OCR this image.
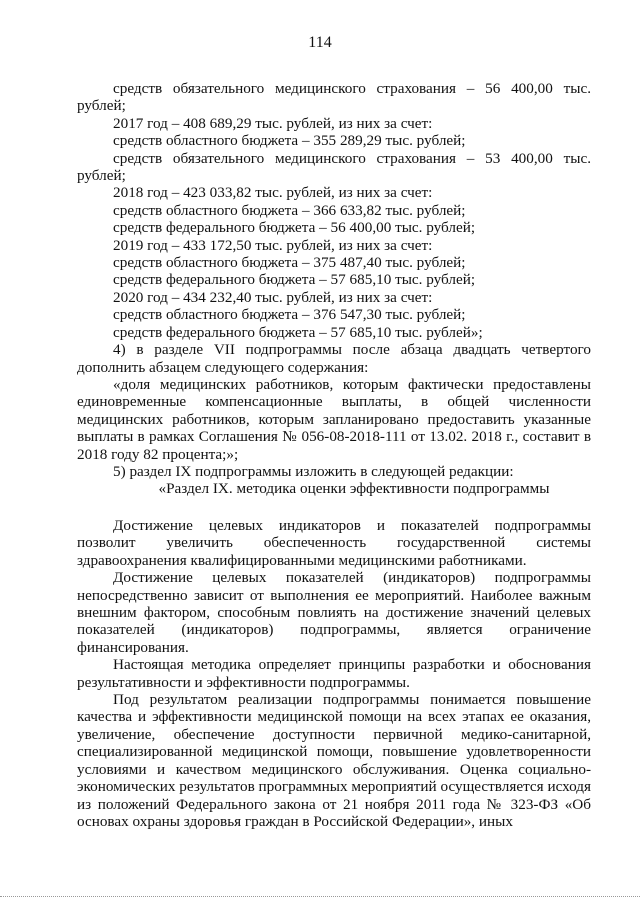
114

средств обязательного медицинского страхования – 56 400,00 тыс. рублей;

2017 год – 408 689,29 тыс. рублей, из них за счет:

средств областного бюджета – 355 289,29 тыс. рублей;

средств обязательного медицинского страхования – 53 400,00 тыс. рублей;

2018 год – 423 033,82 тыс. рублей, из них за счет:

средств областного бюджета – 366 633,82 тыс. рублей;

средств федерального бюджета – 56 400,00 тыс. рублей;

2019 год – 433 172,50 тыс. рублей, из них за счет:

средств областного бюджета – 375 487,40 тыс. рублей;

средств федерального бюджета – 57 685,10 тыс. рублей;

2020 год – 434 232,40 тыс. рублей, из них за счет:

средств областного бюджета – 376 547,30 тыс. рублей;

средств федерального бюджета – 57 685,10 тыс. рублей»;

4) в разделе VII подпрограммы после абзаца двадцать четвертого дополнить абзацем следующего содержания:

«доля медицинских работников, которым фактически предоставлены единовременные компенсационные выплаты, в общей численности медицинских работников, которым запланировано предоставить указанные выплаты в рамках Соглашения № 056-08-2018-111 от 13.02. 2018 г., составит в 2018 году 82 процента;»;

5) раздел IX подпрограммы изложить в следующей редакции:

«Раздел IX. методика оценки эффективности подпрограммы

Достижение целевых индикаторов и показателей подпрограммы позволит увеличить обеспеченность государственной системы здравоохранения квалифицированными медицинскими работниками.

Достижение целевых показателей (индикаторов) подпрограммы непосредственно зависит от выполнения ее мероприятий. Наиболее важным внешним фактором, способным повлиять на достижение значений целевых показателей (индикаторов) подпрограммы, является ограничение финансирования.

Настоящая методика определяет принципы разработки и обоснования результативности и эффективности подпрограммы.

Под результатом реализации подпрограммы понимается повышение качества и эффективности медицинской помощи на всех этапах ее оказания, увеличение, обеспечение доступности первичной медико-санитарной, специализированной медицинской помощи, повышение удовлетворенности условиями и качеством медицинского обслуживания. Оценка социально-экономических результатов программных мероприятий осуществляется исходя из положений Федерального закона от 21 ноября 2011 года № 323-ФЗ «Об основах охраны здоровья граждан в Российской Федерации», иных
